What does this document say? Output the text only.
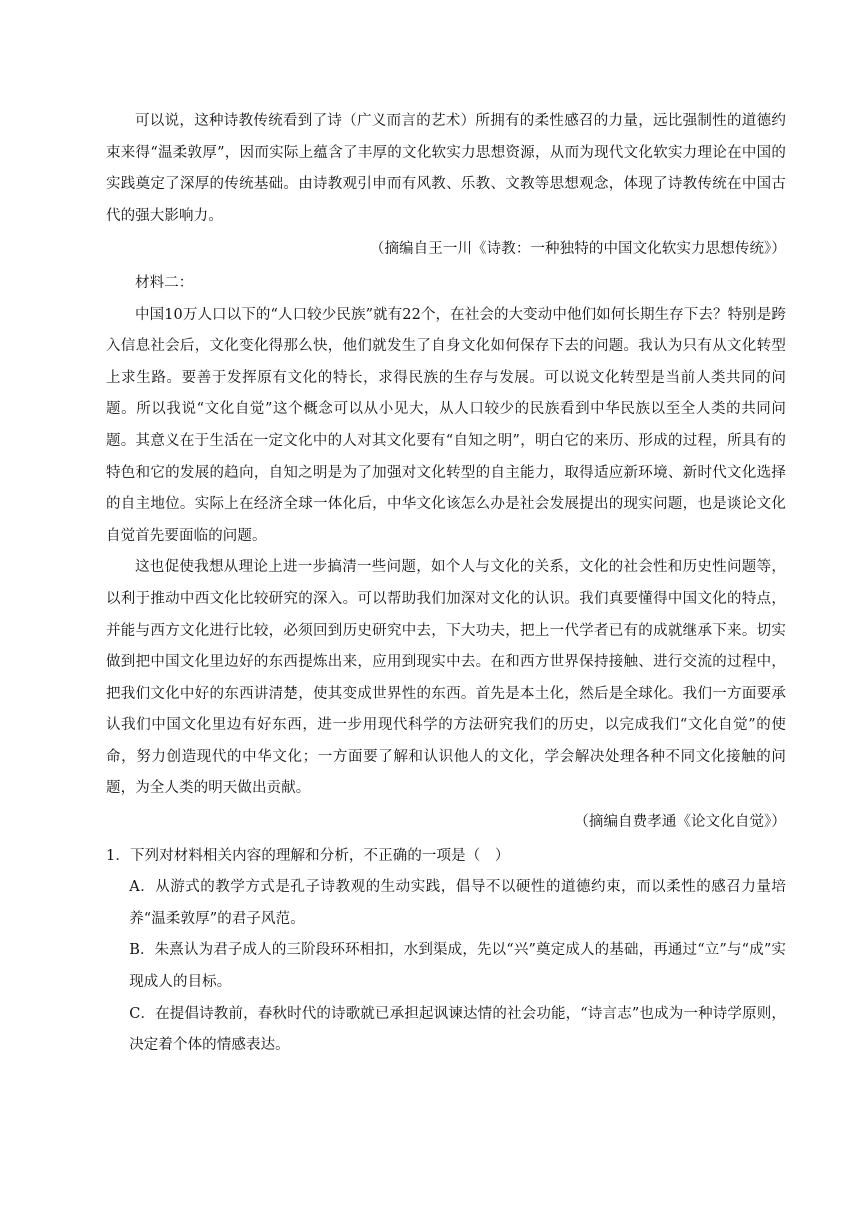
可以说，这种诗教传统看到了诗（广义而言的艺术）所拥有的柔性感召的力量，远比强制性的道德约束来得“温柔敦厚”，因而实际上蕴含了丰厚的文化软实力思想资源，从而为现代文化软实力理论在中国的实践奠定了深厚的传统基础。由诗教观引申而有风教、乐教、文教等思想观念，体现了诗教传统在中国古代的强大影响力。

（摘编自王一川《诗教：一种独特的中国文化软实力思想传统》）

材料二：

中国10万人口以下的“人口较少民族”就有22个，在社会的大变动中他们如何长期生存下去？特别是跨入信息社会后，文化变化得那么快，他们就发生了自身文化如何保存下去的问题。我认为只有从文化转型上求生路。要善于发挥原有文化的特长，求得民族的生存与发展。可以说文化转型是当前人类共同的问题。所以我说“文化自觉”这个概念可以从小见大，从人口较少的民族看到中华民族以至全人类的共同问题。其意义在于生活在一定文化中的人对其文化要有“自知之明”，明白它的来历、形成的过程，所具有的特色和它的发展的趋向，自知之明是为了加强对文化转型的自主能力，取得适应新环境、新时代文化选择的自主地位。实际上在经济全球一体化后，中华文化该怎么办是社会发展提出的现实问题，也是谈论文化自觉首先要面临的问题。

这也促使我想从理论上进一步搞清一些问题，如个人与文化的关系，文化的社会性和历史性问题等，以利于推动中西文化比较研究的深入。可以帮助我们加深对文化的认识。我们真要懂得中国文化的特点，并能与西方文化进行比较，必须回到历史研究中去，下大功夫，把上一代学者已有的成就继承下来。切实做到把中国文化里边好的东西提炼出来，应用到现实中去。在和西方世界保持接触、进行交流的过程中，把我们文化中好的东西讲清楚，使其变成世界性的东西。首先是本土化，然后是全球化。我们一方面要承认我们中国文化里边有好东西，进一步用现代科学的方法研究我们的历史，以完成我们“文化自觉”的使命，努力创造现代的中华文化；一方面要了解和认识他人的文化，学会解决处理各种不同文化接触的问题，为全人类的明天做出贡献。

（摘编自费孝通《论文化自觉》）

1．下列对材料相关内容的理解和分析，不正确的一项是（　）

A．从游式的教学方式是孔子诗教观的生动实践，倡导不以硬性的道德约束，而以柔性的感召力量培养“温柔敦厚”的君子风范。

B．朱熹认为君子成人的三阶段环环相扣，水到渠成，先以“兴”奠定成人的基础，再通过“立”与“成”实现成人的目标。

C．在提倡诗教前，春秋时代的诗歌就已承担起讽谏达情的社会功能，“诗言志”也成为一种诗学原则，决定着个体的情感表达。
